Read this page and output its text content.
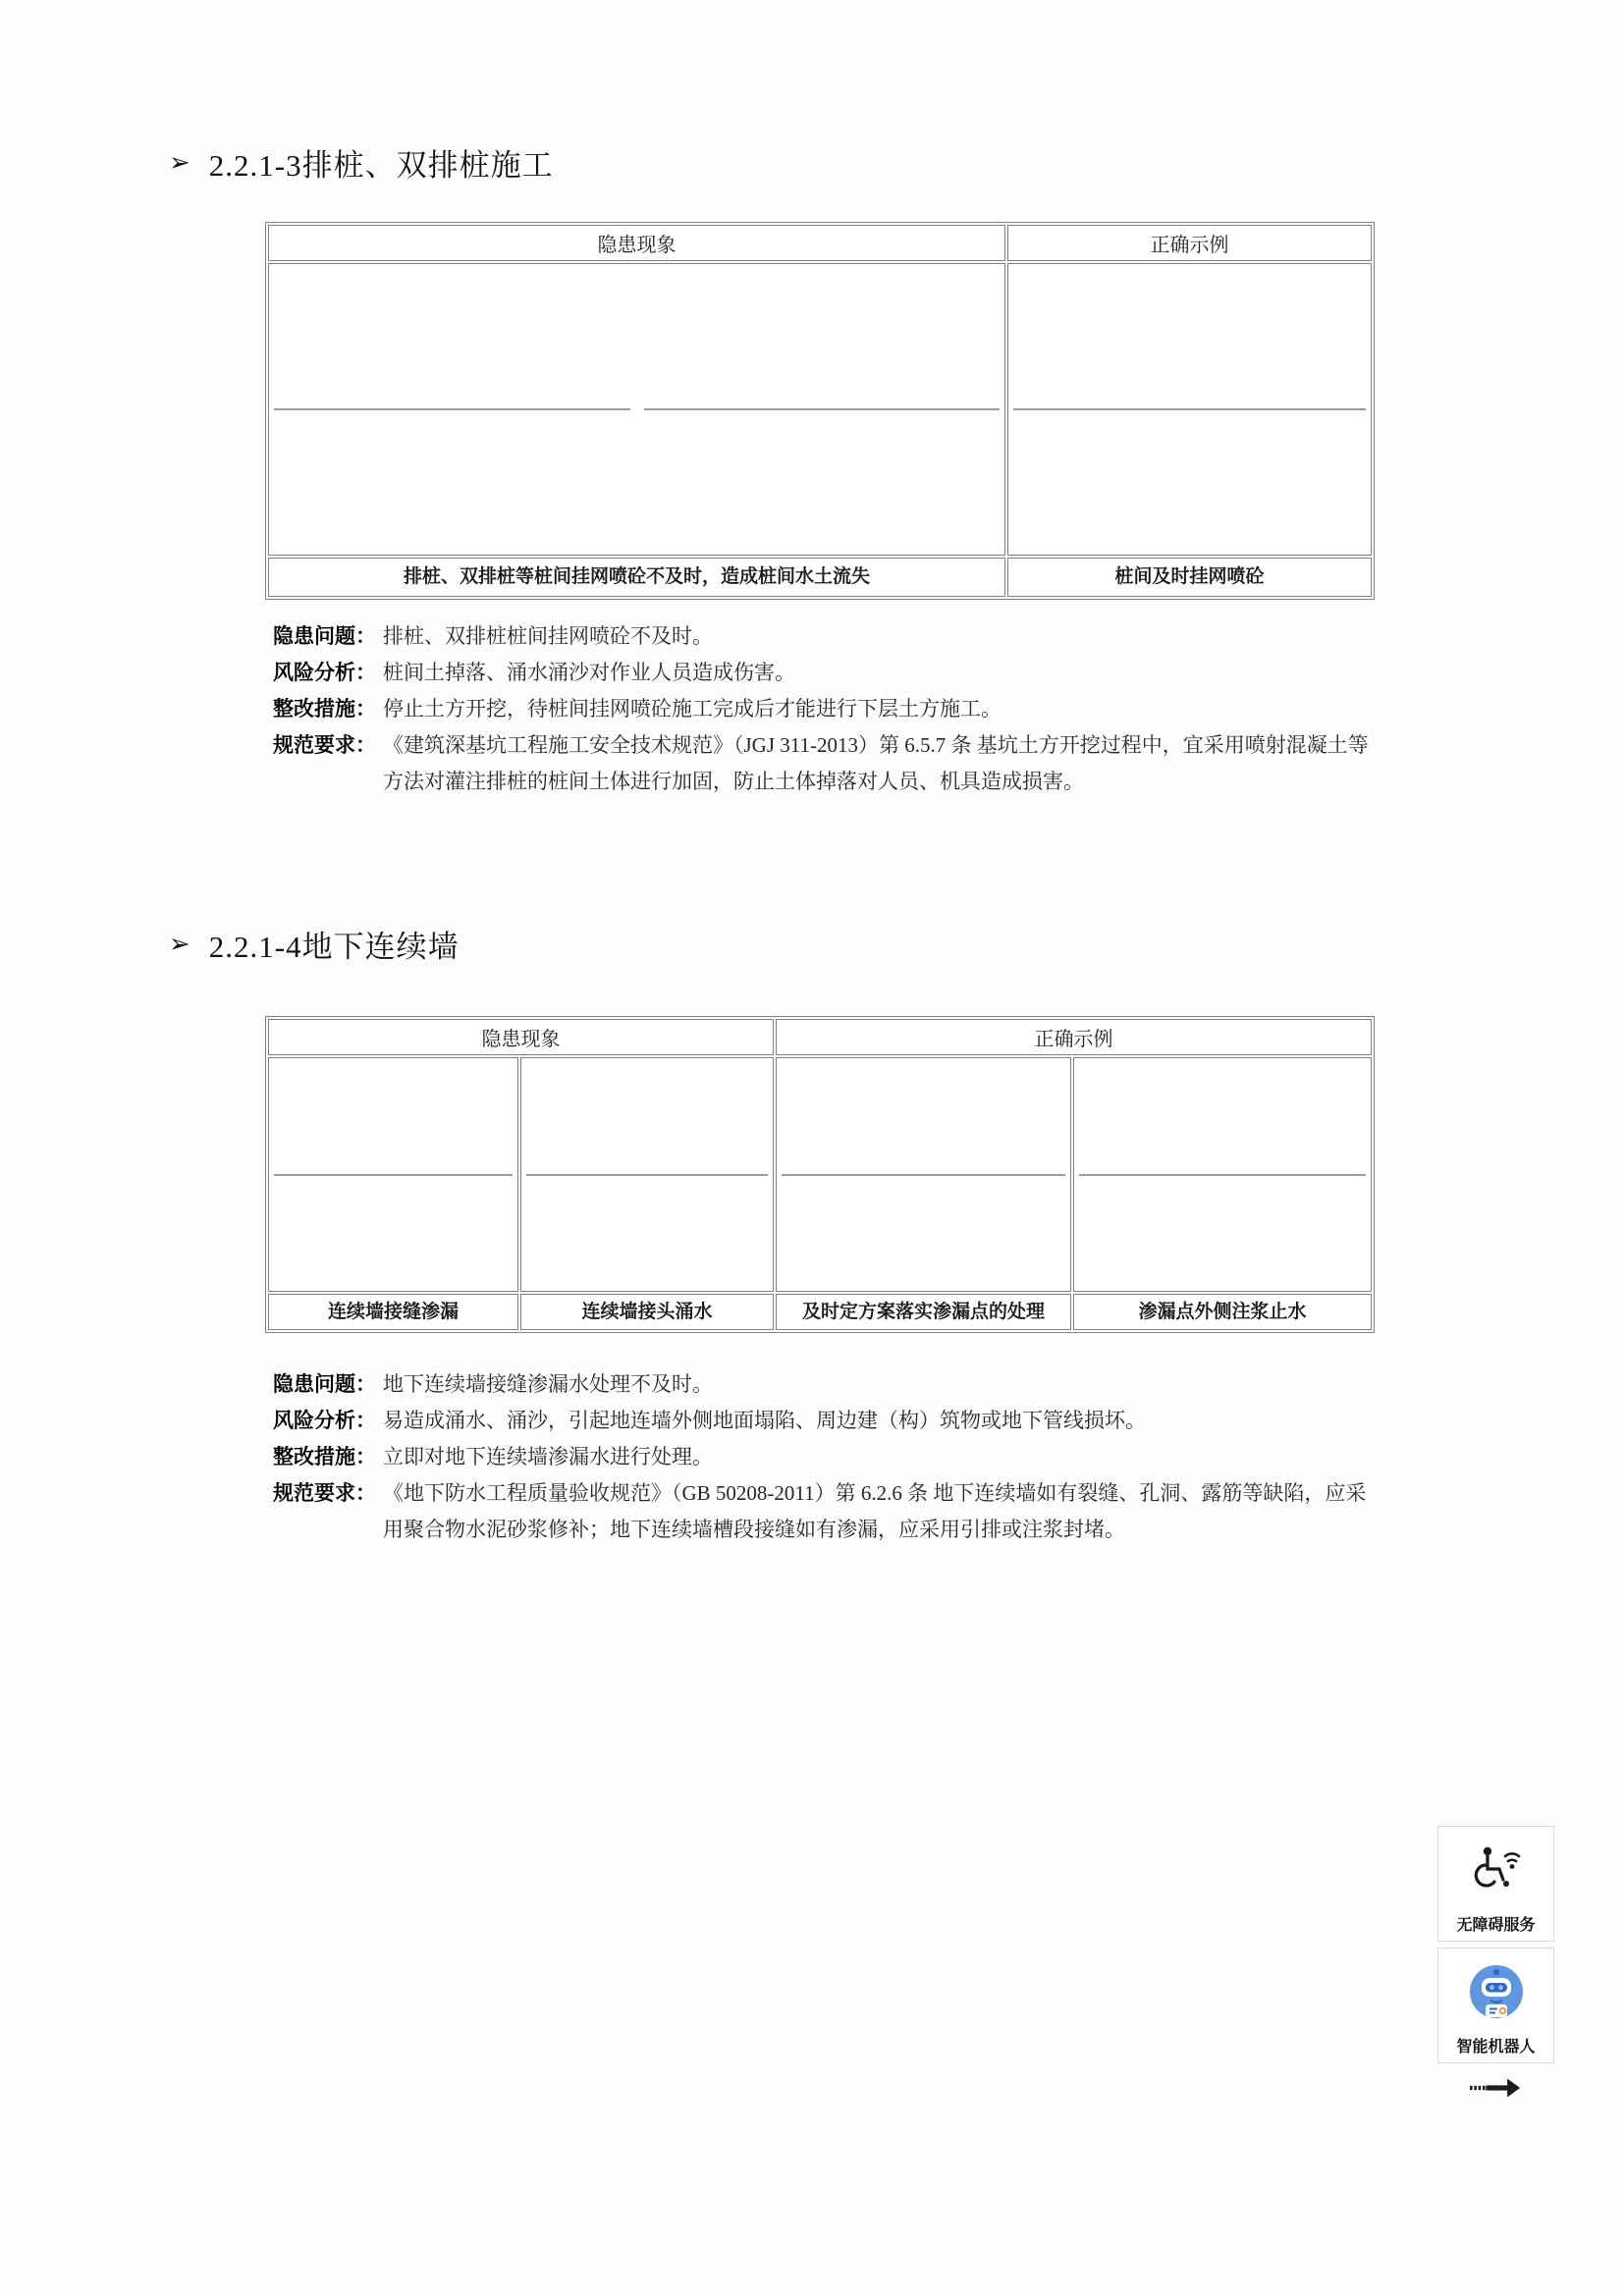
➢ 2.2.1-3排桩、双排桩施工
隐患现象	正确示例
排桩、双排桩等桩间挂网喷砼不及时，造成桩间水土流失	桩间及时挂网喷砼
隐患问题： 排桩、双排桩桩间挂网喷砼不及时。
风险分析： 桩间土掉落、涌水涌沙对作业人员造成伤害。
整改措施： 停止土方开挖，待桩间挂网喷砼施工完成后才能进行下层土方施工。
规范要求： 《建筑深基坑工程施工安全技术规范》（JGJ 311-2013）第 6.5.7 条 基坑土方开挖过程中，宜采用喷射混凝土等方法对灌注排桩的桩间土体进行加固，防止土体掉落对人员、机具造成损害。
➢ 2.2.1-4地下连续墙
隐患现象	正确示例
连续墙接缝渗漏	连续墙接头涌水	及时定方案落实渗漏点的处理	渗漏点外侧注浆止水
隐患问题： 地下连续墙接缝渗漏水处理不及时。
风险分析： 易造成涌水、涌沙，引起地连墙外侧地面塌陷、周边建（构）筑物或地下管线损坏。
整改措施： 立即对地下连续墙渗漏水进行处理。
规范要求： 《地下防水工程质量验收规范》（GB 50208-2011）第 6.2.6 条 地下连续墙如有裂缝、孔洞、露筋等缺陷，应采用聚合物水泥砂浆修补；地下连续墙槽段接缝如有渗漏，应采用引排或注浆封堵。
无障碍服务
智能机器人
